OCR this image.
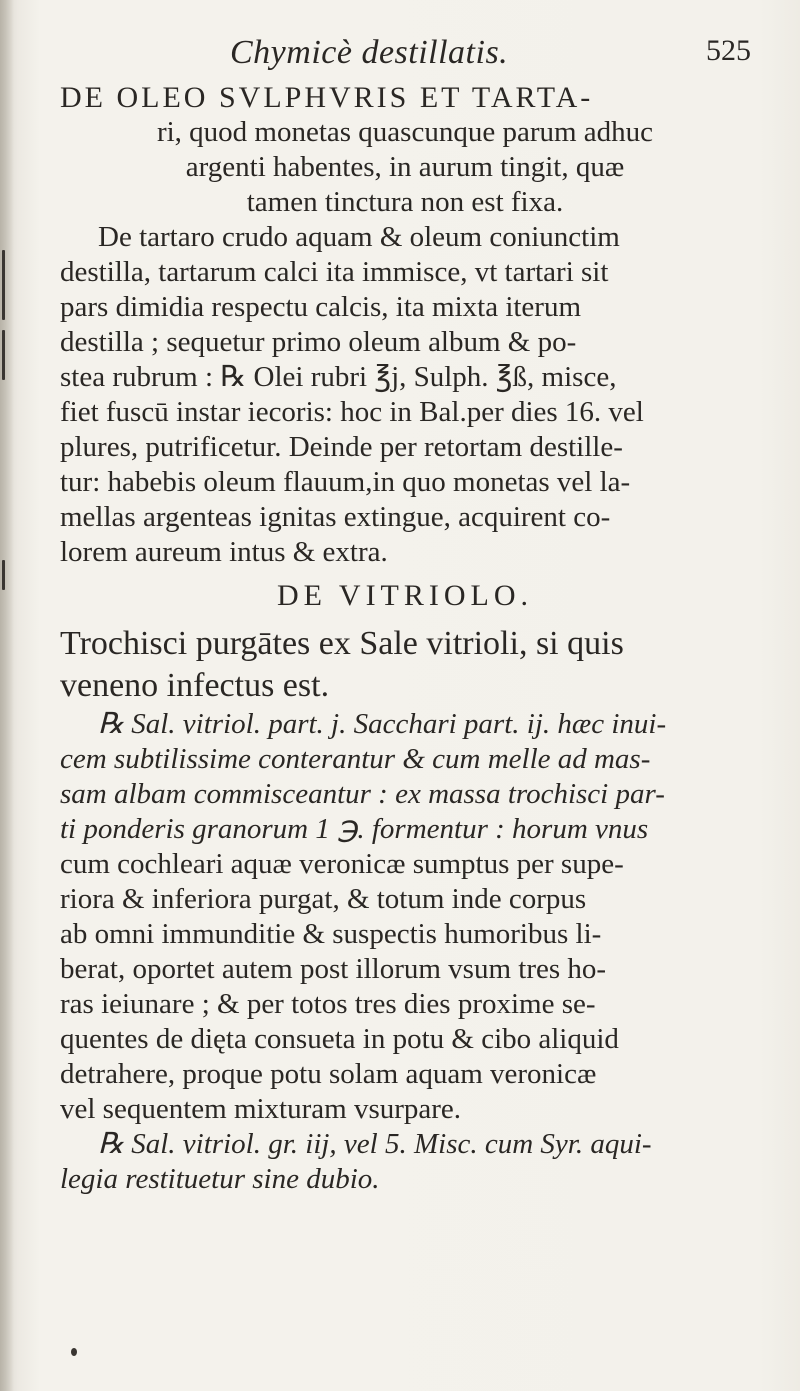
Chymicè destillatis.	525
DE OLEO SVLPHVRIS ET TARTA-
ri, quod monetas quascunque parum adhuc
argenti habentes, in aurum tingit, quæ
tamen tinctura non est fixa.
De tartaro crudo aquam & oleum coniunctim
destilla, tartarum calci ita immisce, vt tartari sit
pars dimidia respectu calcis, ita mixta iterum
destilla ; sequetur primo oleum album & po-
stea rubrum : ℞ Olei rubri ℥j, Sulph. ℥ß, misce,
fiet fuscū instar iecoris: hoc in Bal.per dies 16. vel
plures, putrificetur. Deinde per retortam destille-
tur: habebis oleum flauum,in quo monetas vel la-
mellas argenteas ignitas extingue, acquirent co-
lorem aureum intus & extra.
DE VITRIOLO.
Trochisci purgātes ex Sale vitrioli, si quis
veneno infectus est.
℞ Sal. vitriol. part. j. Sacchari part. ij. hæc inui-
cem subtilissime conterantur & cum melle ad mas-
sam albam commisceantur : ex massa trochisci par-
ti ponderis granorum 1 ℈. formentur : horum vnus
cum cochleari aquæ veronicæ sumptus per supe-
riora & inferiora purgat, & totum inde corpus
ab omni immunditie & suspectis humoribus li-
berat, oportet autem post illorum vsum tres ho-
ras ieiunare ; & per totos tres dies proxime se-
quentes de dięta consueta in potu & cibo aliquid
detrahere, proque potu solam aquam veronicæ
vel sequentem mixturam vsurpare.
℞ Sal. vitriol. gr. iij, vel 5. Misc. cum Syr. aqui-
legia restituetur sine dubio.
